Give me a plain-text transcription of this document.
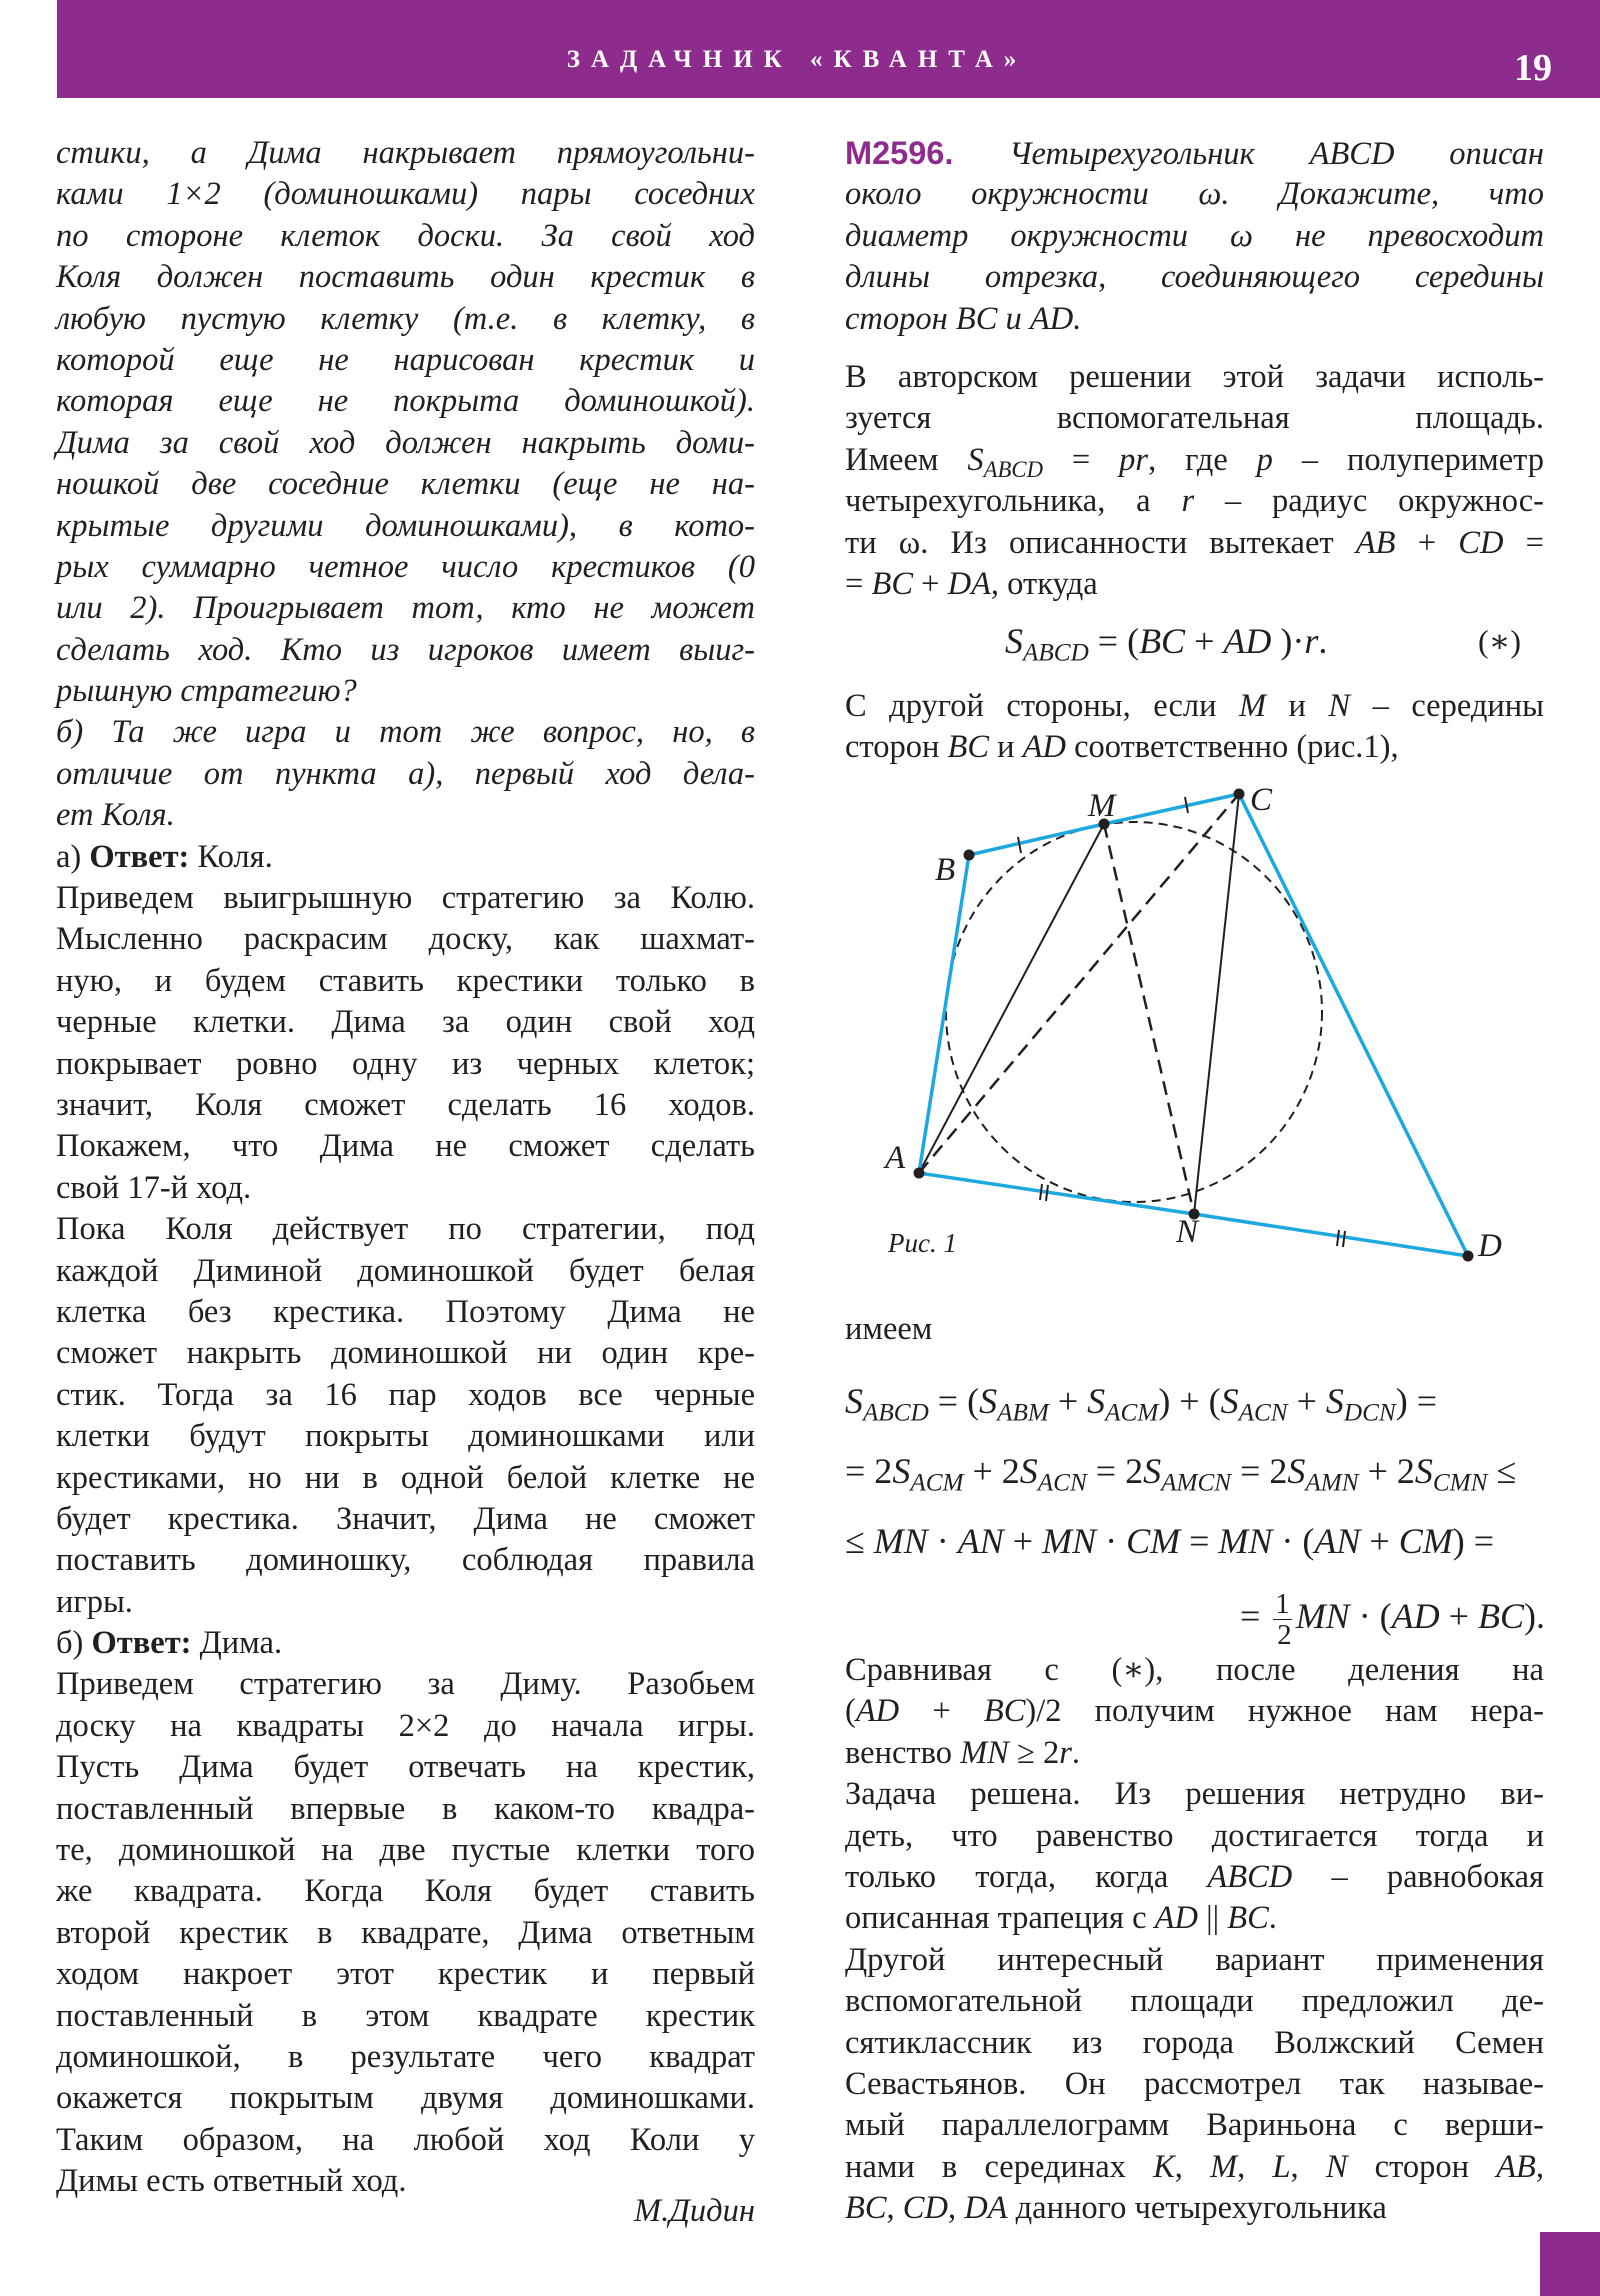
ЗАДАЧНИК «КВАНТА»	19
стики, а Дима накрывает прямоугольни-
ками 1×2 (доминошками) пары соседних
по стороне клеток доски. За свой ход
Коля должен поставить один крестик в
любую пустую клетку (т.е. в клетку, в
которой еще не нарисован крестик и
которая еще не покрыта доминошкой).
Дима за свой ход должен накрыть доми-
ношкой две соседние клетки (еще не на-
крытые другими доминошками), в кото-
рых суммарно четное число крестиков (0
или 2). Проигрывает тот, кто не может
сделать ход. Кто из игроков имеет выиг-
рышную стратегию?
б) Та же игра и тот же вопрос, но, в
отличие от пункта а), первый ход дела-
ет Коля.
а) Ответ: Коля.
Приведем выигрышную стратегию за Колю.
Мысленно раскрасим доску, как шахмат-
ную, и будем ставить крестики только в
черные клетки. Дима за один свой ход
покрывает ровно одну из черных клеток;
значит, Коля сможет сделать 16 ходов.
Покажем, что Дима не сможет сделать
свой 17-й ход.
Пока Коля действует по стратегии, под
каждой Диминой доминошкой будет белая
клетка без крестика. Поэтому Дима не
сможет накрыть доминошкой ни один кре-
стик. Тогда за 16 пар ходов все черные
клетки будут покрыты доминошками или
крестиками, но ни в одной белой клетке не
будет крестика. Значит, Дима не сможет
поставить доминошку, соблюдая правила
игры.
б) Ответ: Дима.
Приведем стратегию за Диму. Разобьем
доску на квадраты 2×2 до начала игры.
Пусть Дима будет отвечать на крестик,
поставленный впервые в каком-то квадра-
те, доминошкой на две пустые клетки того
же квадрата. Когда Коля будет ставить
второй крестик в квадрате, Дима ответным
ходом накроет этот крестик и первый
поставленный в этом квадрате крестик
доминошкой, в результате чего квадрат
окажется покрытым двумя доминошками.
Таким образом, на любой ход Коли у
Димы есть ответный ход.
М.Дидин
M2596. Четырехугольник ABCD описан
около окружности ω. Докажите, что
диаметр окружности ω не превосходит
длины отрезка, соединяющего середины
сторон BC и AD.
В авторском решении этой задачи исполь-
зуется вспомогательная площадь.
Имеем $S_{ABCD}$ = pr, где p – полупериметр
четырехугольника, а r – радиус окружнос-
ти ω. Из описанности вытекает AB + CD =
= BC + DA, откуда
$S_{ABCD} = (BC$ + AD )·r.	(∗)
С другой стороны, если M и N – середины
сторон BC и AD соответственно (рис.1),
A
B
M	C
N	D
Рис. 1
имеем
$S_{ABCD} = (S_{ABM} + S_{ACM}) + (S_{ACN} + S_{DCN})$ =
= $2S_{ACM} + 2S_{ACN} = 2S_{AMCN} = 2S_{AMN} + 2S_{CMN}$ ≤
≤ MN · AN + MN · CM = MN · (AN + CM) =
= $\frac{1}{2}$ MN · (AD + BC).
Сравнивая с (∗), после деления на
(AD + BC)/2 получим нужное нам нера-
венство MN ≥ 2r.
Задача решена. Из решения нетрудно ви-
деть, что равенство достигается тогда и
только тогда, когда ABCD – равнобокая
описанная трапеция с AD || BC.
Другой интересный вариант применения
вспомогательной площади предложил де-
сятиклассник из города Волжский Семен
Севастьянов. Он рассмотрел так называе-
мый параллелограмм Вариньона с верши-
нами в серединах K, M, L, N сторон AB,
BC, CD, DA данного четырехугольника
